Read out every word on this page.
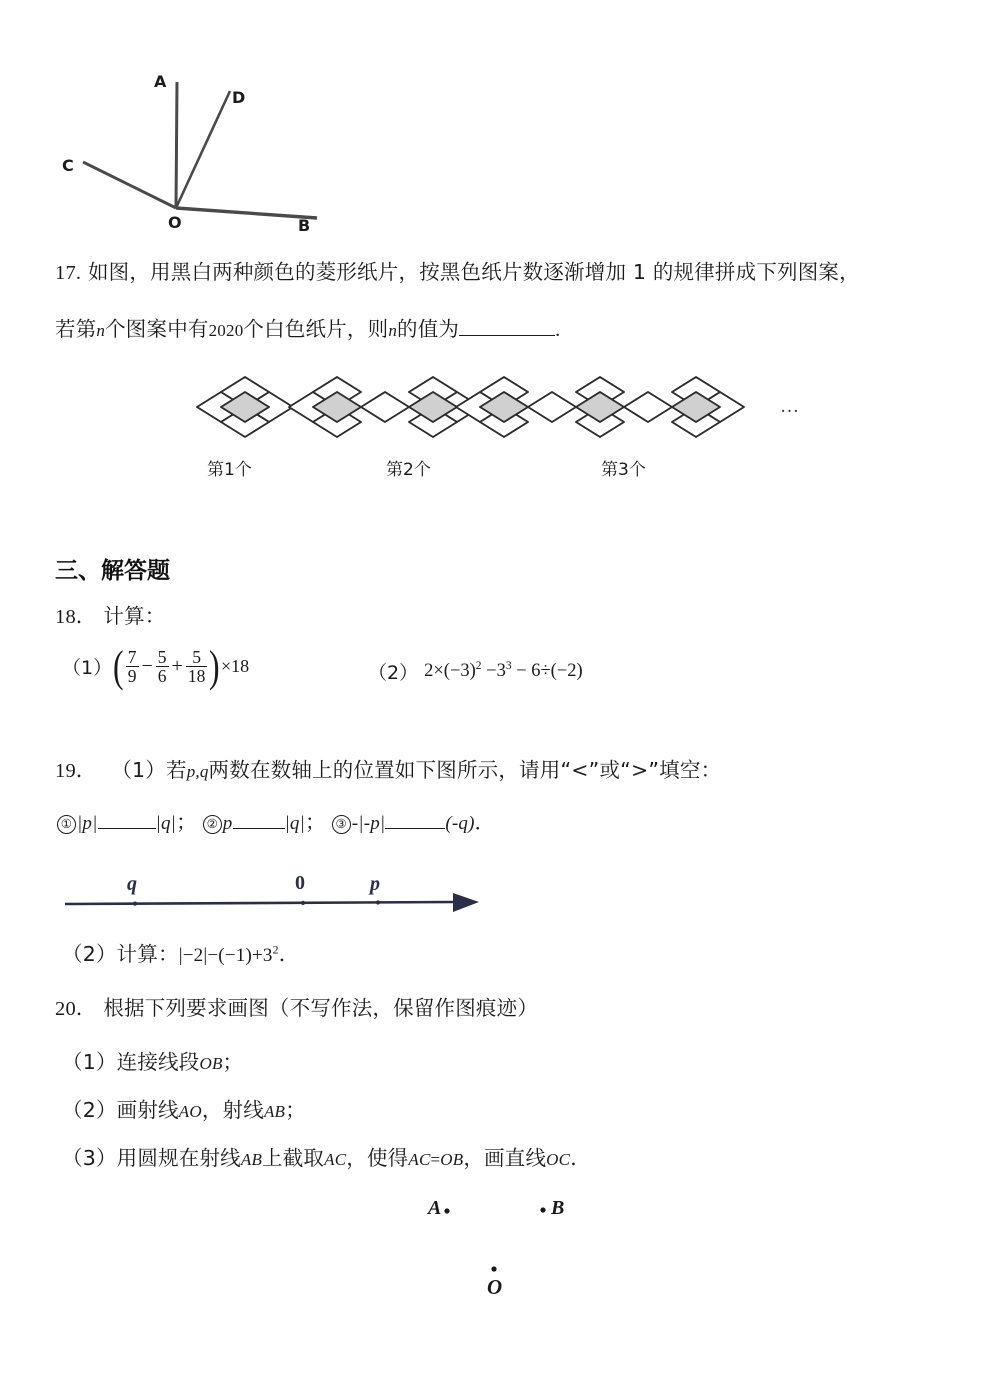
A
D
C
O	B
17. 如图，用黑白两种颜色的菱形纸片，按黑色纸片数逐渐增加 1 的规律拼成下列图案，
若第n个图案中有2020个白色纸片，则n的值为	.
…
第1个	第2个	第3个
三、解答题
18． 计算：
（1） ( $\frac{7}{9} - \frac{5}{6} + \frac{5}{18}$ ) ×18	（2） $2\times(-3)^2 -3^3 - 6\div(-2)$
19． （1）若p,q两数在数轴上的位置如下图所示，请用“<”或“>”填空：
① |p|	|q|； ② p	|q|； ③ -|-p|	(-q)．
q	0	p
（2）计算：$|-2|-(-1)+3^2$．
20． 根据下列要求画图（不写作法，保留作图痕迹）
（1）连接线段OB；
（2）画射线AO，射线AB；
（3）用圆规在射线AB上截取AC，使得AC=OB，画直线OC．
A	B
O
